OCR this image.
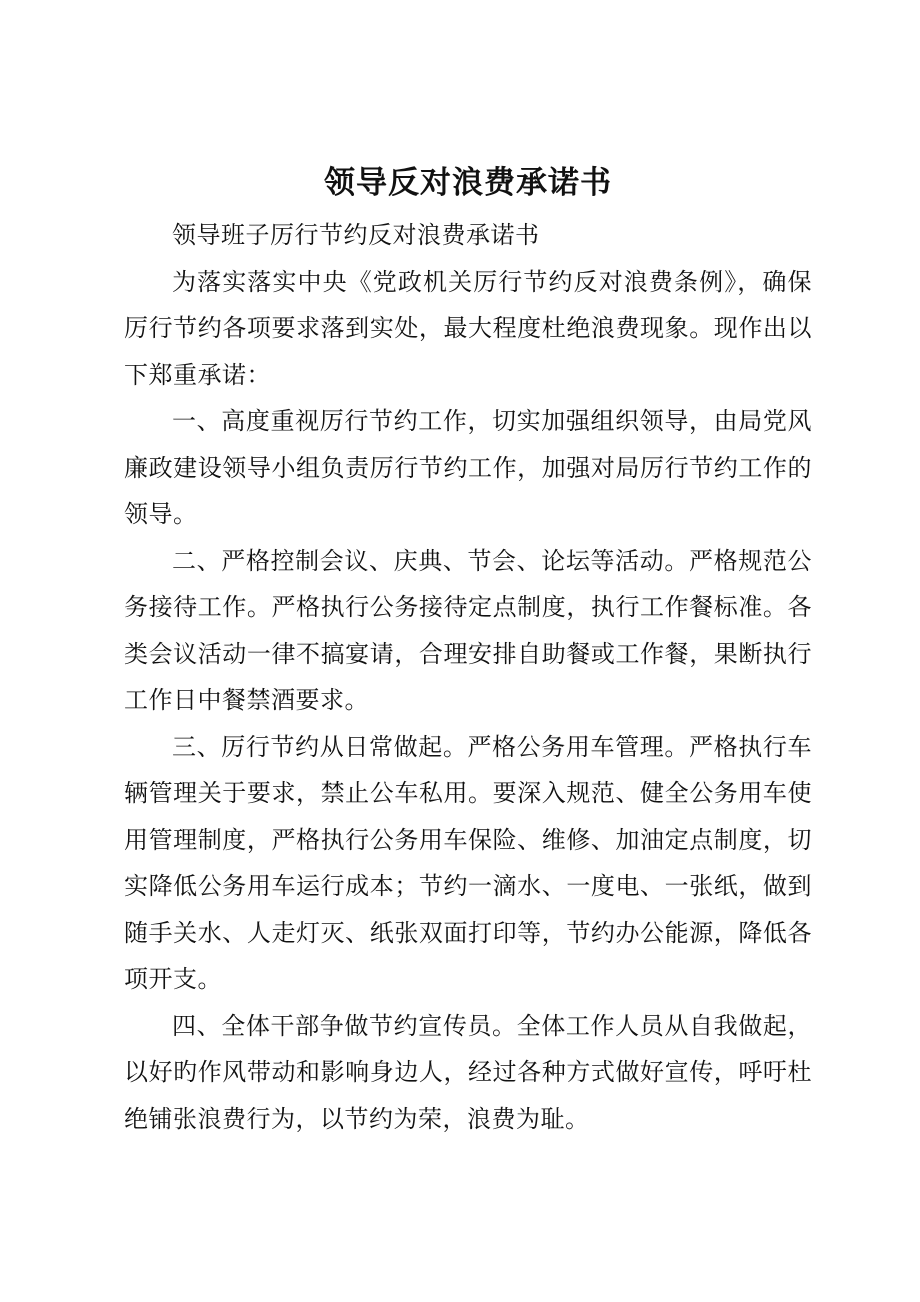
领导反对浪费承诺书

领导班子厉行节约反对浪费承诺书

为落实落实中央《党政机关厉行节约反对浪费条例》，确保厉行节约各项要求落到实处，最大程度杜绝浪费现象。现作出以下郑重承诺：

一、高度重视厉行节约工作，切实加强组织领导，由局党风廉政建设领导小组负责厉行节约工作，加强对局厉行节约工作的领导。

二、严格控制会议、庆典、节会、论坛等活动。严格规范公务接待工作。严格执行公务接待定点制度，执行工作餐标准。各类会议活动一律不搞宴请，合理安排自助餐或工作餐，果断执行工作日中餐禁酒要求。

三、厉行节约从日常做起。严格公务用车管理。严格执行车辆管理关于要求，禁止公车私用。要深入规范、健全公务用车使用管理制度，严格执行公务用车保险、维修、加油定点制度，切实降低公务用车运行成本；节约一滴水、一度电、一张纸，做到随手关水、人走灯灭、纸张双面打印等，节约办公能源，降低各项开支。

四、全体干部争做节约宣传员。全体工作人员从自我做起，以好旳作风带动和影响身边人，经过各种方式做好宣传，呼吁杜绝铺张浪费行为，以节约为荣，浪费为耻。
